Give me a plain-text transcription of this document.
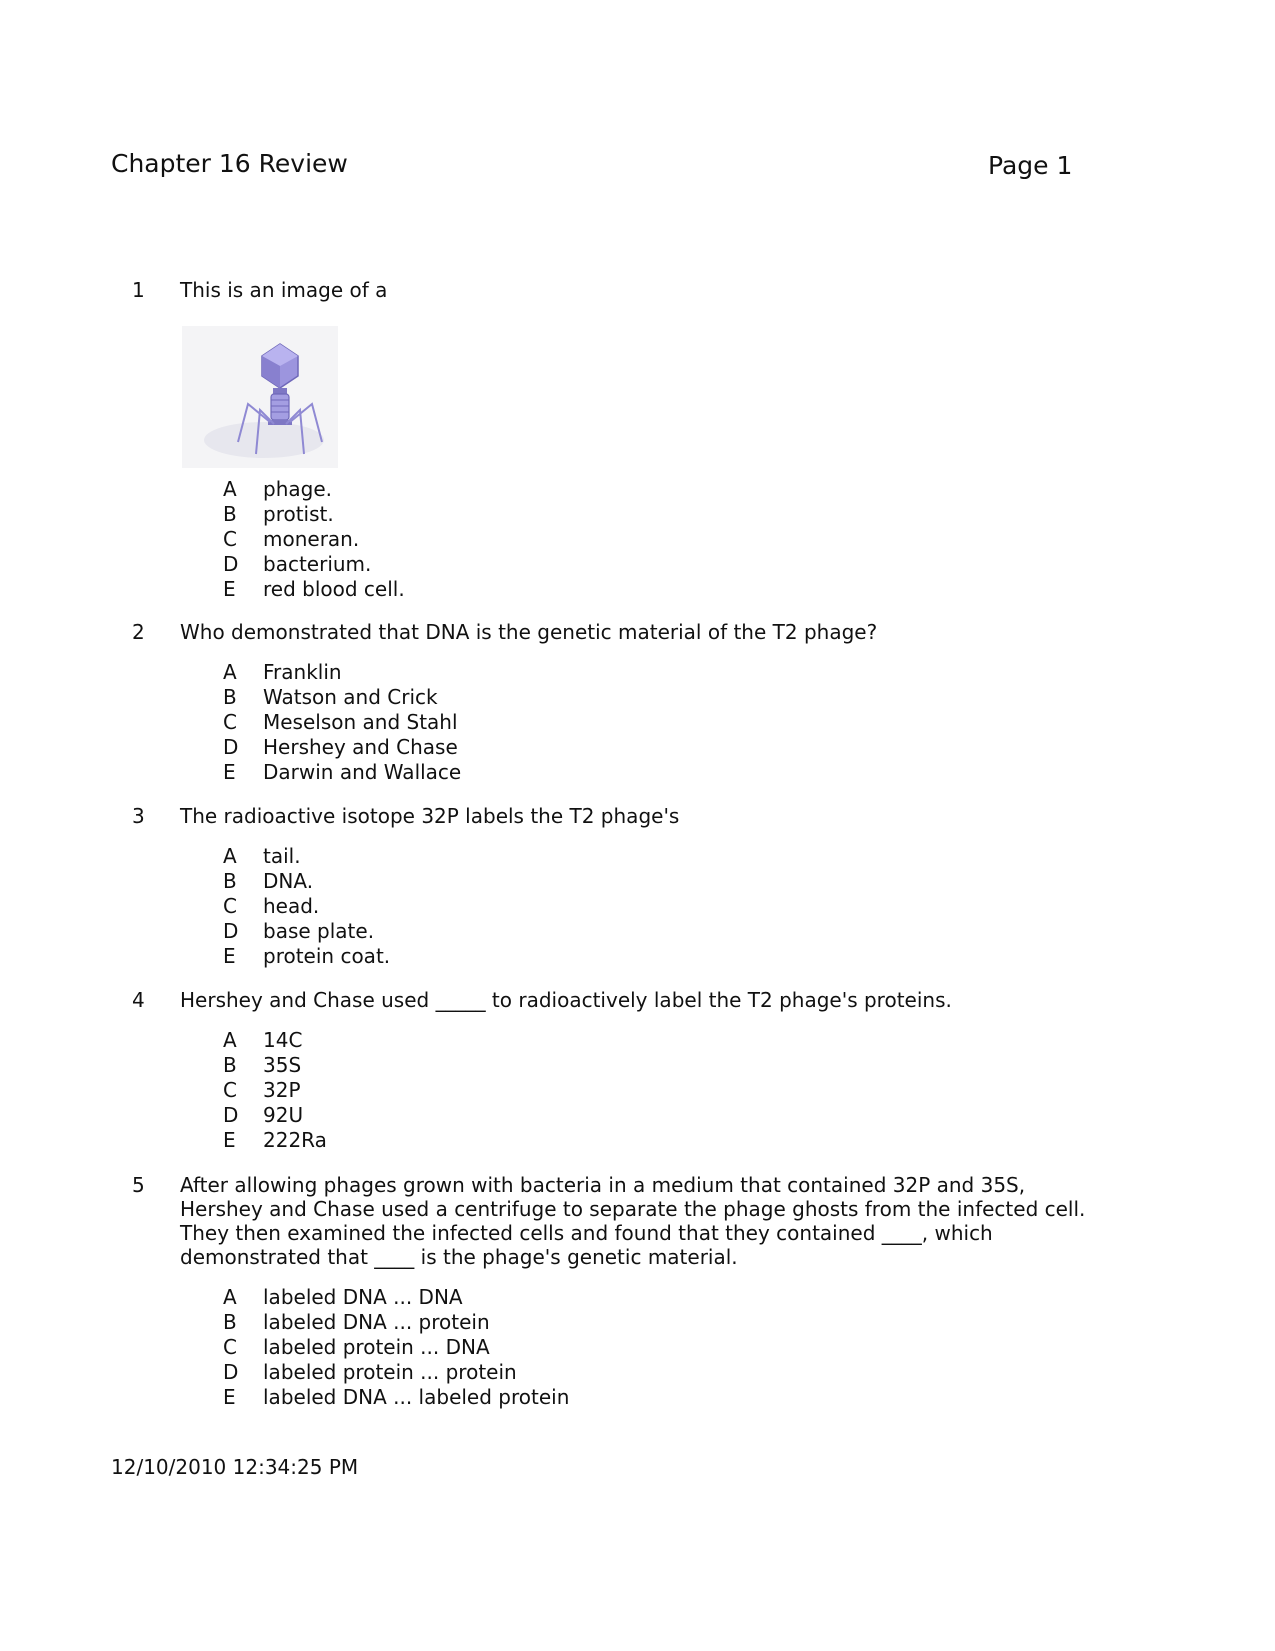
Chapter 16 Review	Page 1
1 This is an image of a
A	phage.
B	protist.
C	moneran.
D	bacterium.
E	red blood cell.
2 Who demonstrated that DNA is the genetic material of the T2 phage?
A	Franklin
B	Watson and Crick
C	Meselson and Stahl
D	Hershey and Chase
E	Darwin and Wallace
3 The radioactive isotope 32P labels the T2 phage's
A	tail.
B	DNA.
C	head.
D	base plate.
E	protein coat.
4 Hershey and Chase used _____ to radioactively label the T2 phage's proteins.
A	14C
B	35S
C	32P
D	92U
E	222Ra
5 After allowing phages grown with bacteria in a medium that contained 32P and 35S,
Hershey and Chase used a centrifuge to separate the phage ghosts from the infected cell.
They then examined the infected cells and found that they contained ____, which
demonstrated that ____ is the phage's genetic material.
A	labeled DNA ... DNA
B	labeled DNA ... protein
C	labeled protein ... DNA
D	labeled protein ... protein
E	labeled DNA ... labeled protein
12/10/2010 12:34:25 PM
